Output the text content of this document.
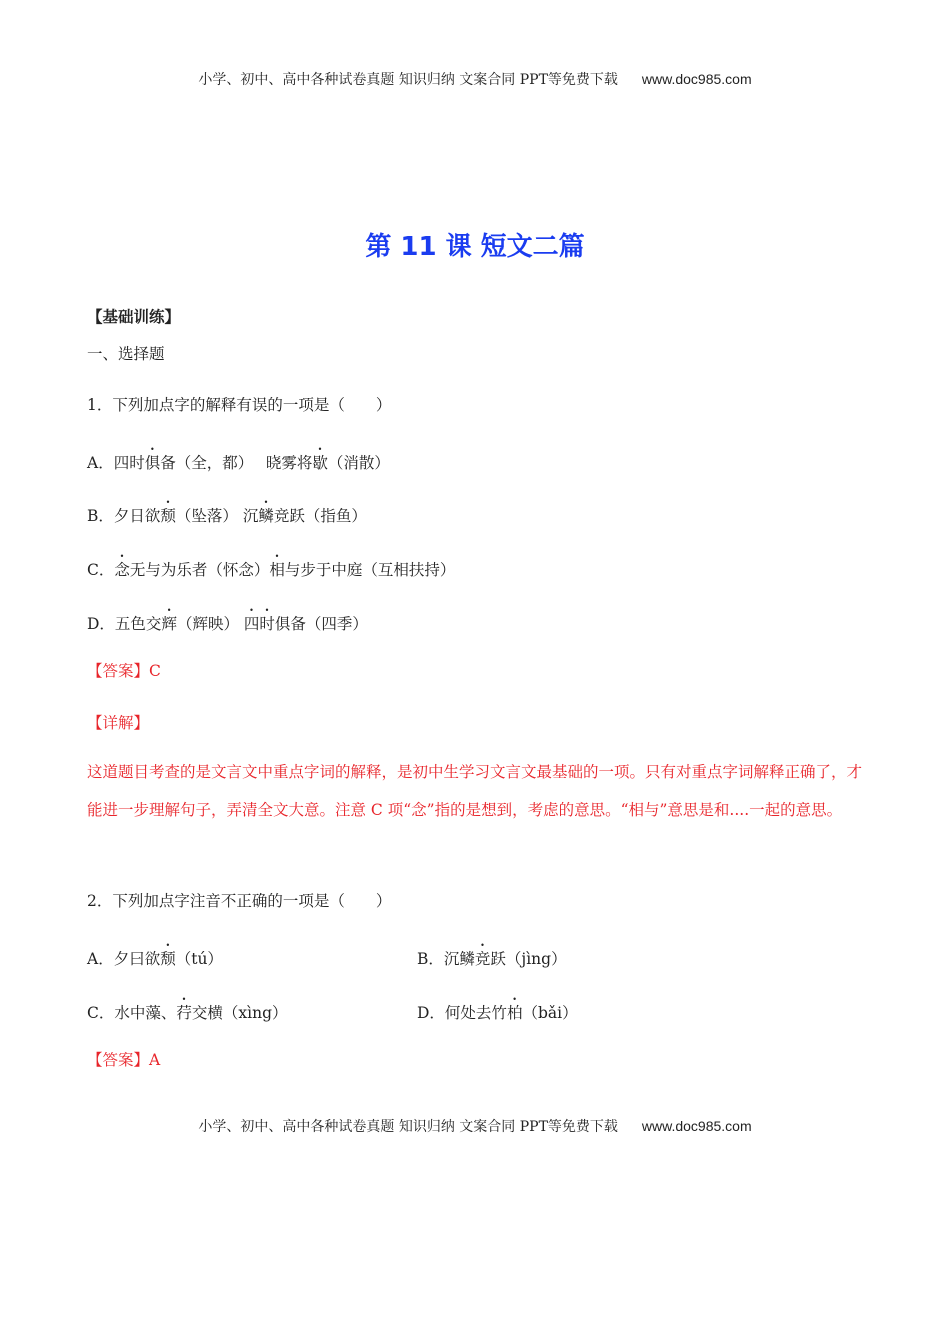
小学、初中、高中各种试卷真题 知识归纳 文案合同 PPT等免费下载 www.doc985.com
第 11 课 短文二篇
【基础训练】
一、选择题
1．下列加点字的解释有误的一项是（　　）
A．四时俱备（全，都）　 晓雾将歇（消散）
B．夕日欲颓（坠落） 沉鳞竞跃（指鱼）
C．念无与为乐者（怀念）相与步于中庭（互相扶持）
D．五色交辉（辉映） 四时俱备（四季）
【答案】C
【详解】
这道题目考查的是文言文中重点字词的解释，是初中生学习文言文最基础的一项。只有对重点字词解释正确了，才能进一步理解句子，弄清全文大意。注意 C 项“念”指的是想到，考虑的意思。“相与”意思是和....一起的意思。
2．下列加点字注音不正确的一项是（　　）
A．夕曰欲颓（tú）	B．沉鳞竞跃（jìng）
C．水中藻、荇交横（xìng）	D．何处去竹柏（bǎi）
【答案】A
小学、初中、高中各种试卷真题 知识归纳 文案合同 PPT等免费下载 www.doc985.com
